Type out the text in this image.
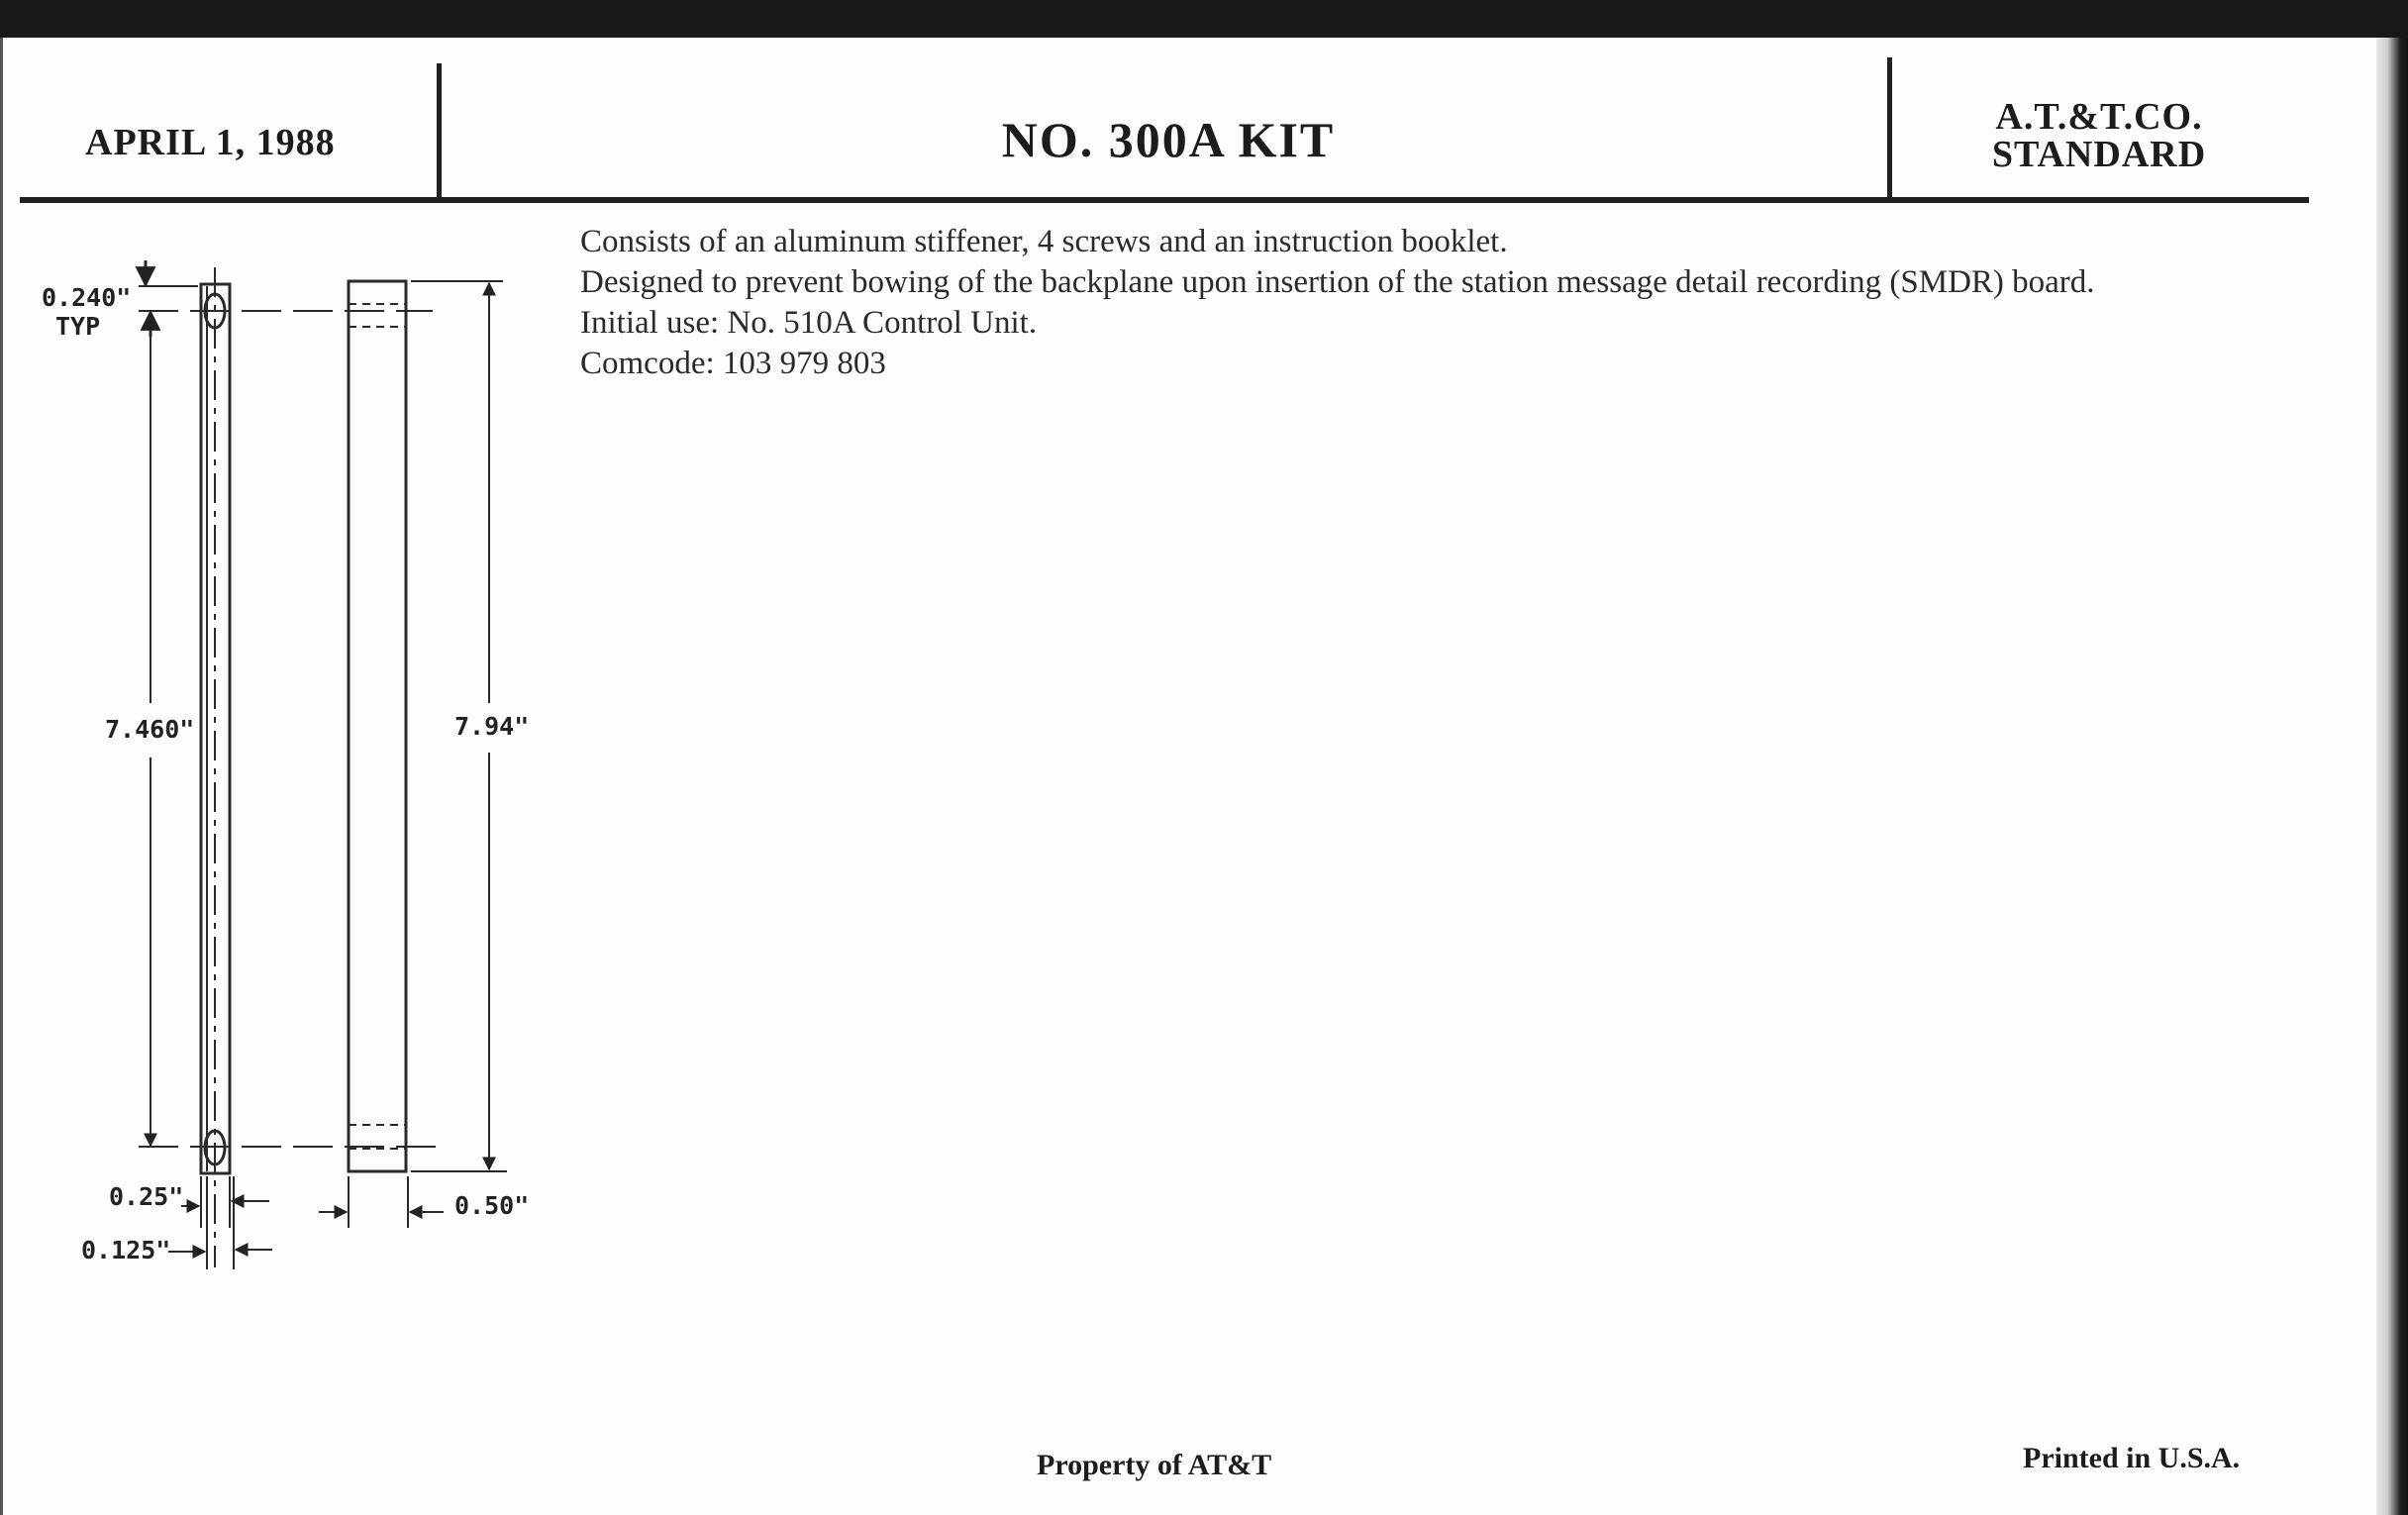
APRIL 1, 1988	NO. 300A KIT	A.T.&T.CO.
STANDARD
Consists of an aluminum stiffener, 4 screws and an instruction booklet.
Designed to prevent bowing of the backplane upon insertion of the station message detail recording (SMDR) board.
Initial use: No. 510A Control Unit.
Comcode: 103 979 803
0.240"
TYP
7.460"	7.94"
0.25"
0.125"
0.50"
Property of AT&T	Printed in U.S.A.
